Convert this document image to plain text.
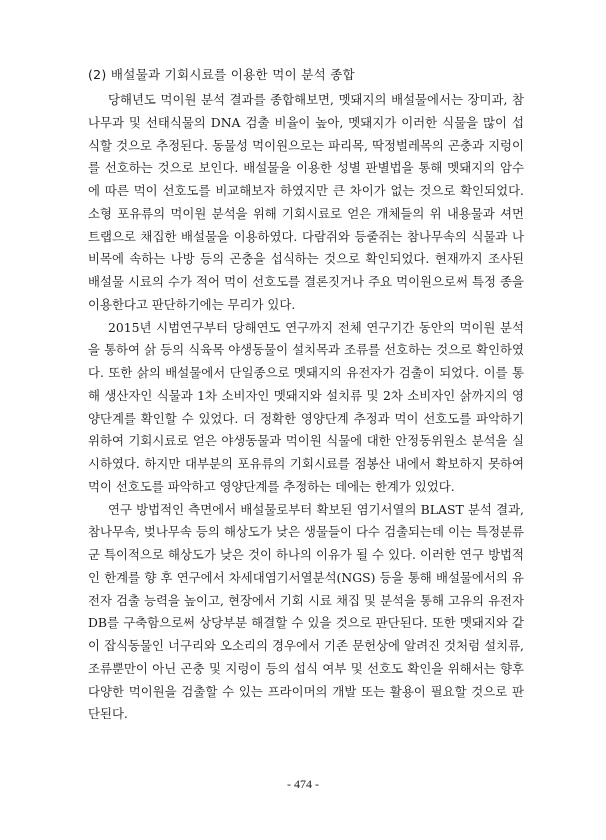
(2) 배설물과 기회시료를 이용한 먹이 분석 종합
당해년도 먹이원 분석 결과를 종합해보면, 멧돼지의 배설물에서는 장미과, 참나무과 및 선태식물의 DNA 검출 비율이 높아, 멧돼지가 이러한 식물을 많이 섭식할 것으로 추정된다. 동물성 먹이원으로는 파리목, 딱정벌레목의 곤충과 지렁이를 선호하는 것으로 보인다. 배설물을 이용한 성별 판별법을 통해 멧돼지의 암수에 따른 먹이 선호도를 비교해보자 하였지만 큰 차이가 없는 것으로 확인되었다. 소형 포유류의 먹이원 분석을 위해 기회시료로 얻은 개체들의 위 내용물과 셔먼 트랩으로 채집한 배설물을 이용하였다. 다람쥐와 등줄쥐는 참나무속의 식물과 나비목에 속하는 나방 등의 곤충을 섭식하는 것으로 확인되었다. 현재까지 조사된 배설물 시료의 수가 적어 먹이 선호도를 결론짓거나 주요 먹이원으로써 특정 종을 이용한다고 판단하기에는 무리가 있다.
2015년 시범연구부터 당해연도 연구까지 전체 연구기간 동안의 먹이원 분석을 통하여 삵 등의 식육목 야생동물이 설치목과 조류를 선호하는 것으로 확인하였다. 또한 삵의 배설물에서 단일종으로 멧돼지의 유전자가 검출이 되었다. 이를 통해 생산자인 식물과 1차 소비자인 멧돼지와 설치류 및 2차 소비자인 삵까지의 영양단계를 확인할 수 있었다. 더 정확한 영양단계 추정과 먹이 선호도를 파악하기 위하여 기회시료로 얻은 야생동물과 먹이원 식물에 대한 안정동위원소 분석을 실시하였다. 하지만 대부분의 포유류의 기회시료를 점봉산 내에서 확보하지 못하여 먹이 선호도를 파악하고 영양단계를 추정하는 데에는 한계가 있었다.
연구 방법적인 측면에서 배설물로부터 확보된 염기서열의 BLAST 분석 결과, 참나무속, 벚나무속 등의 해상도가 낮은 생물들이 다수 검출되는데 이는 특정분류군 특이적으로 해상도가 낮은 것이 하나의 이유가 될 수 있다. 이러한 연구 방법적인 한계를 향 후 연구에서 차세대염기서열분석(NGS) 등을 통해 배설물에서의 유전자 검출 능력을 높이고, 현장에서 기회 시료 채집 및 분석을 통해 고유의 유전자 DB를 구축함으로써 상당부분 해결할 수 있을 것으로 판단된다. 또한 멧돼지와 같이 잡식동물인 너구리와 오소리의 경우에서 기존 문헌상에 알려진 것처럼 설치류, 조류뿐만이 아닌 곤충 및 지렁이 등의 섭식 여부 및 선호도 확인을 위해서는 향후 다양한 먹이원을 검출할 수 있는 프라이머의 개발 또는 활용이 필요할 것으로 판단된다.
- 474 -
